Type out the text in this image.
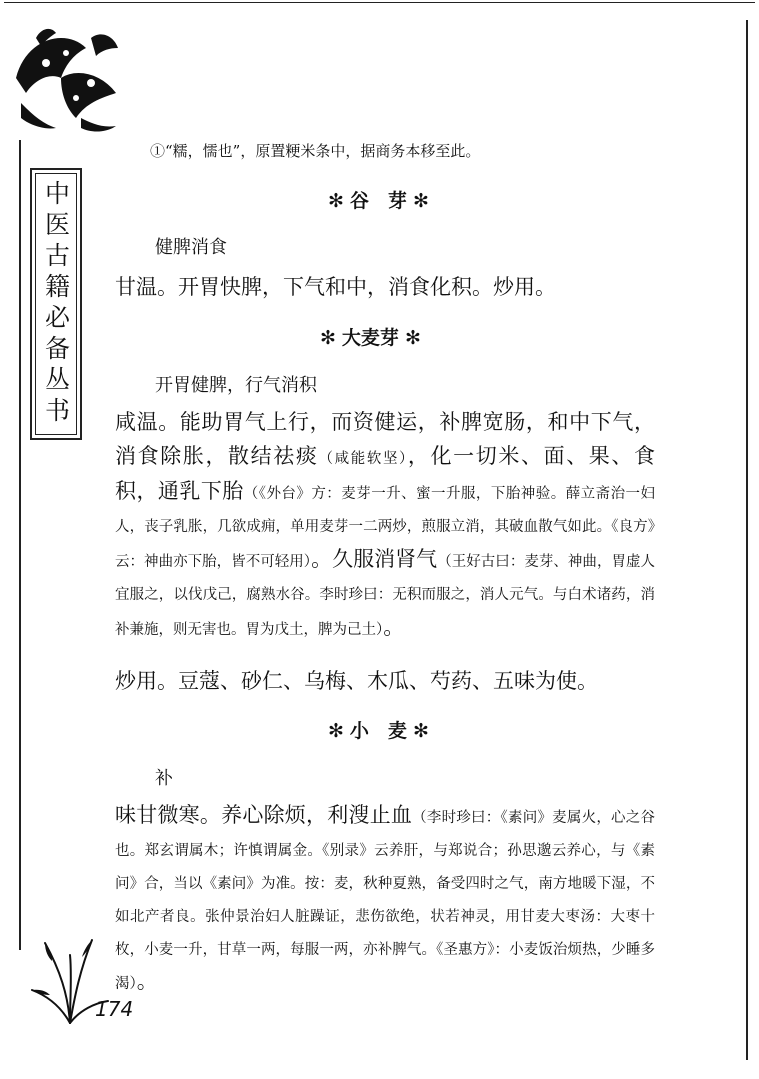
中医古籍必备丛书
①“糯，懦也”，原置粳米条中，据商务本移至此。
✻ 谷　芽 ✻
健脾消食
甘温。开胃快脾，下气和中，消食化积。炒用。
✻ 大麦芽 ✻
开胃健脾，行气消积
咸温。能助胃气上行，而资健运，补脾宽肠，和中下气，消食除胀，散结祛痰（咸能软坚），化一切米、面、果、食积，通乳下胎（《外台》方：麦芽一升、蜜一升服，下胎神验。薛立斋治一妇人，丧子乳胀，几欲成痈，单用麦芽一二两炒，煎服立消，其破血散气如此。《良方》云：神曲亦下胎，皆不可轻用）。久服消肾气（王好古曰：麦芽、神曲，胃虚人宜服之，以伐戊己，腐熟水谷。李时珍曰：无积而服之，消人元气。与白术诸药，消补兼施，则无害也。胃为戊土，脾为己土）。
炒用。豆蔻、砂仁、乌梅、木瓜、芍药、五味为使。
✻ 小　麦 ✻
补
味甘微寒。养心除烦，利溲止血（李时珍曰：《素问》麦属火，心之谷也。郑玄谓属木；许慎谓属金。《别录》云养肝，与郑说合；孙思邈云养心，与《素问》合，当以《素问》为准。按：麦，秋种夏熟，备受四时之气，南方地暖下湿，不如北产者良。张仲景治妇人脏躁证，悲伤欲绝，状若神灵，用甘麦大枣汤：大枣十枚，小麦一升，甘草一两，每服一两，亦补脾气。《圣惠方》：小麦饭治烦热，少睡多渴）。
174
